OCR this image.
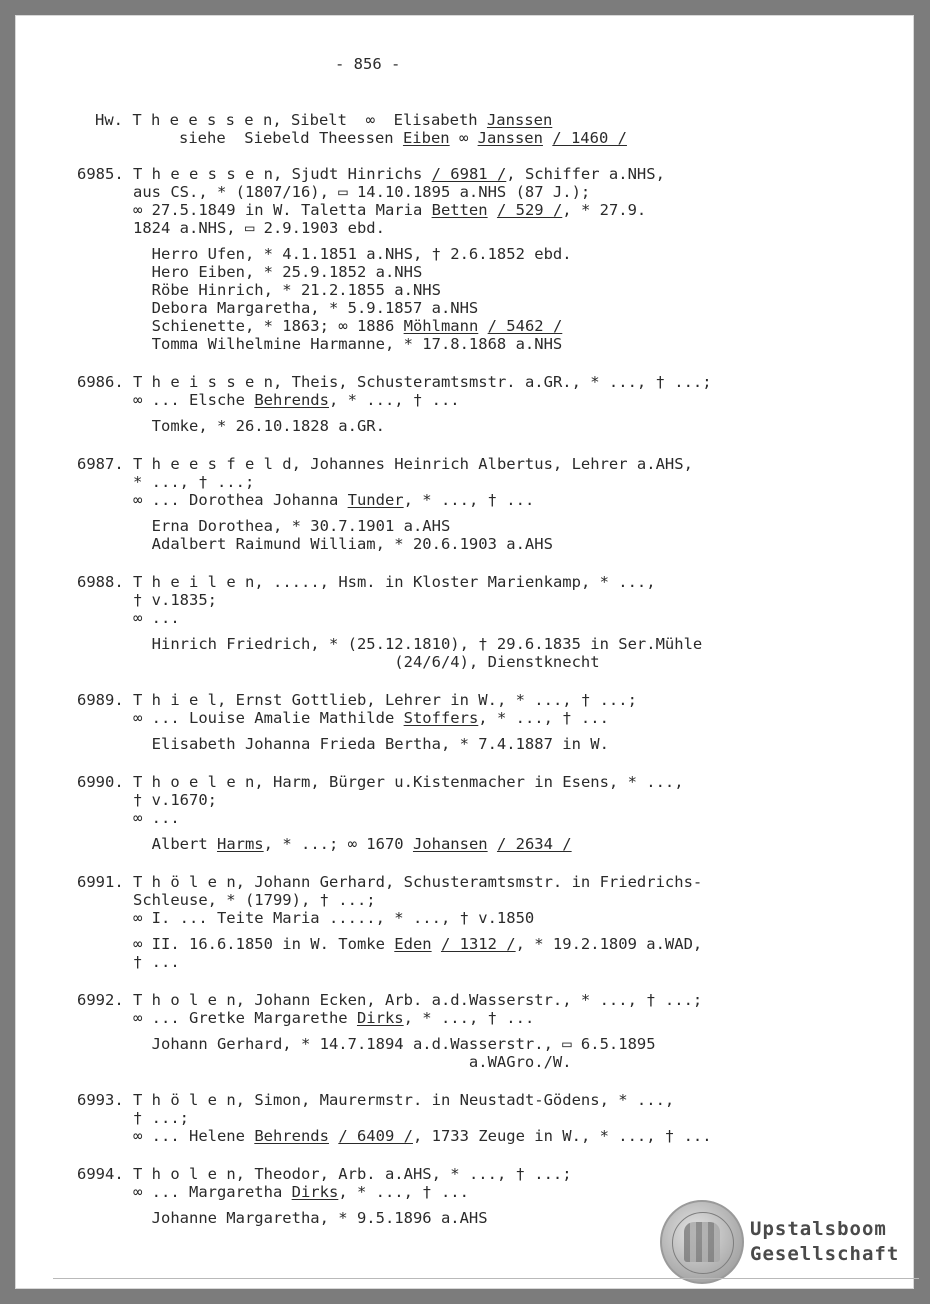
- 856 -

Hw. T h e e s s e n, Sibelt  ∞  Elisabeth Janssen

siehe  Siebeld Theessen Eiben ∞ Janssen / 1460 /

6985. T h e e s s e n, Sjudt Hinrichs / 6981 /, Schiffer a.NHS,

aus CS., * (1807/16), ▭ 14.10.1895 a.NHS (87 J.);

∞ 27.5.1849 in W. Taletta Maria Betten / 529 /, * 27.9.

1824 a.NHS, ▭ 2.9.1903 ebd.

Herro Ufen, * 4.1.1851 a.NHS, † 2.6.1852 ebd.

Hero Eiben, * 25.9.1852 a.NHS

Röbe Hinrich, * 21.2.1855 a.NHS

Debora Margaretha, * 5.9.1857 a.NHS

Schienette, * 1863; ∞ 1886 Möhlmann / 5462 /

Tomma Wilhelmine Harmanne, * 17.8.1868 a.NHS

6986. T h e i s s e n, Theis, Schusteramtsmstr. a.GR., * ..., † ...;

∞ ... Elsche Behrends, * ..., † ...

Tomke, * 26.10.1828 a.GR.

6987. T h e e s f e l d, Johannes Heinrich Albertus, Lehrer a.AHS,

* ..., † ...;

∞ ... Dorothea Johanna Tunder, * ..., † ...

Erna Dorothea, * 30.7.1901 a.AHS

Adalbert Raimund William, * 20.6.1903 a.AHS

6988. T h e i l e n, ....., Hsm. in Kloster Marienkamp, * ...,

† v.1835;

∞ ...

Hinrich Friedrich, * (25.12.1810), † 29.6.1835 in Ser.Mühle

(24/6/4), Dienstknecht

6989. T h i e l, Ernst Gottlieb, Lehrer in W., * ..., † ...;

∞ ... Louise Amalie Mathilde Stoffers, * ..., † ...

Elisabeth Johanna Frieda Bertha, * 7.4.1887 in W.

6990. T h o e l e n, Harm, Bürger u.Kistenmacher in Esens, * ...,

† v.1670;

∞ ...

Albert Harms, * ...; ∞ 1670 Johansen / 2634 /

6991. T h ö l e n, Johann Gerhard, Schusteramtsmstr. in Friedrichs-

Schleuse, * (1799), † ...;

∞ I. ... Teite Maria ....., * ..., † v.1850

∞ II. 16.6.1850 in W. Tomke Eden / 1312 /, * 19.2.1809 a.WAD,

† ...

6992. T h o l e n, Johann Ecken, Arb. a.d.Wasserstr., * ..., † ...;

∞ ... Gretke Margarethe Dirks, * ..., † ...

Johann Gerhard, * 14.7.1894 a.d.Wasserstr., ▭ 6.5.1895

a.WAGro./W.

6993. T h ö l e n, Simon, Maurermstr. in Neustadt-Gödens, * ...,

† ...;

∞ ... Helene Behrends / 6409 /, 1733 Zeuge in W., * ..., † ...

6994. T h o l e n, Theodor, Arb. a.AHS, * ..., † ...;

∞ ... Margaretha Dirks, * ..., † ...

Johanne Margaretha, * 9.5.1896 a.AHS	Upstalsboom

Gesellschaft
